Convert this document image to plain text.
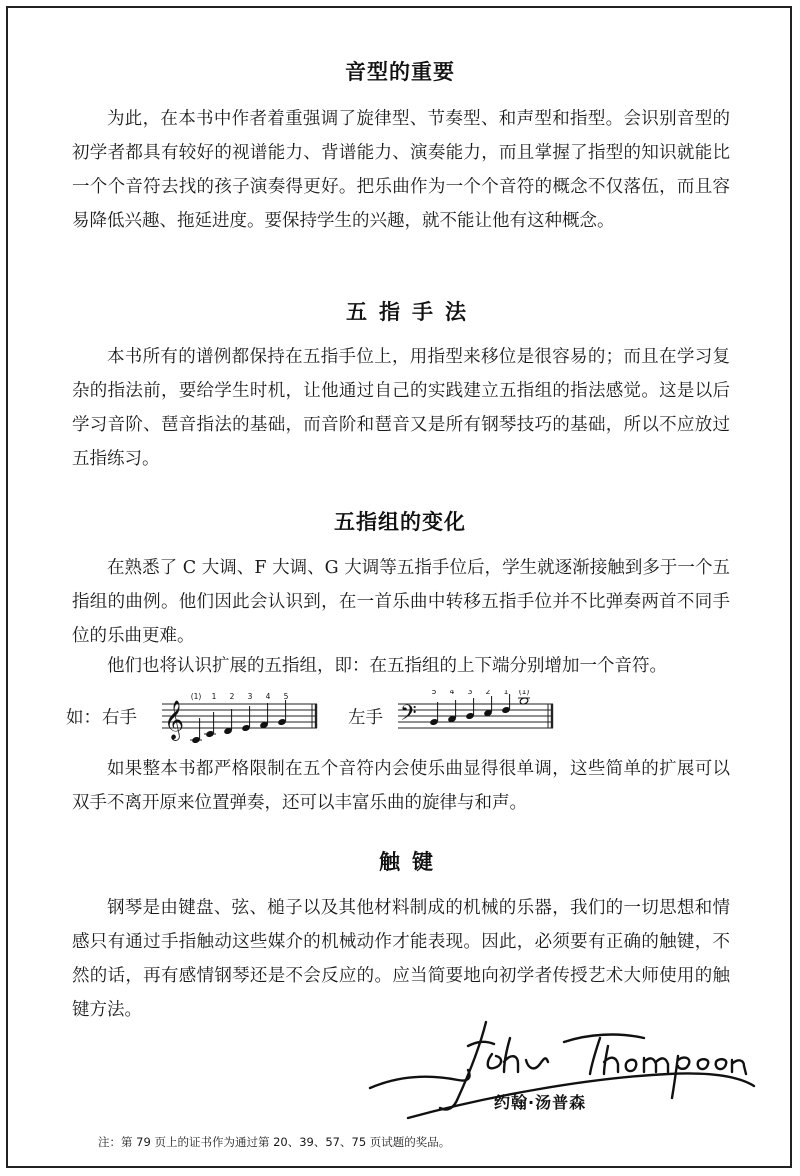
音型的重要

为此，在本书中作者着重强调了旋律型、节奏型、和声型和指型。会识别音型的初学者都具有较好的视谱能力、背谱能力、演奏能力，而且掌握了指型的知识就能比一个个音符去找的孩子演奏得更好。把乐曲作为一个个音符的概念不仅落伍，而且容易降低兴趣、拖延进度。要保持学生的兴趣，就不能让他有这种概念。

五指手法

本书所有的谱例都保持在五指手位上，用指型来移位是很容易的；而且在学习复杂的指法前，要给学生时机，让他通过自己的实践建立五指组的指法感觉。这是以后学习音阶、琶音指法的基础，而音阶和琶音又是所有钢琴技巧的基础，所以不应放过五指练习。

五指组的变化

在熟悉了 C 大调、F 大调、G 大调等五指手位后，学生就逐渐接触到多于一个五指组的曲例。他们因此会认识到，在一首乐曲中转移五指手位并不比弹奏两首不同手位的乐曲更难。

他们也将认识扩展的五指组，即：在五指组的上下端分别增加一个音符。

如： 右手 𝄞
(1) 1 2 3 4 5
左手 𝄢
5 4 3 2 1 (1)

如果整本书都严格限制在五个音符内会使乐曲显得很单调，这些简单的扩展可以双手不离开原来位置弹奏，还可以丰富乐曲的旋律与和声。

触键

钢琴是由键盘、弦、槌子以及其他材料制成的机械的乐器，我们的一切思想和情感只有通过手指触动这些媒介的机械动作才能表现。因此，必须要有正确的触键，不然的话，再有感情钢琴还是不会反应的。应当简要地向初学者传授艺术大师使用的触键方法。

约翰·汤普森
注：第 79 页上的证书作为通过第 20、39、57、75 页试题的奖品。
